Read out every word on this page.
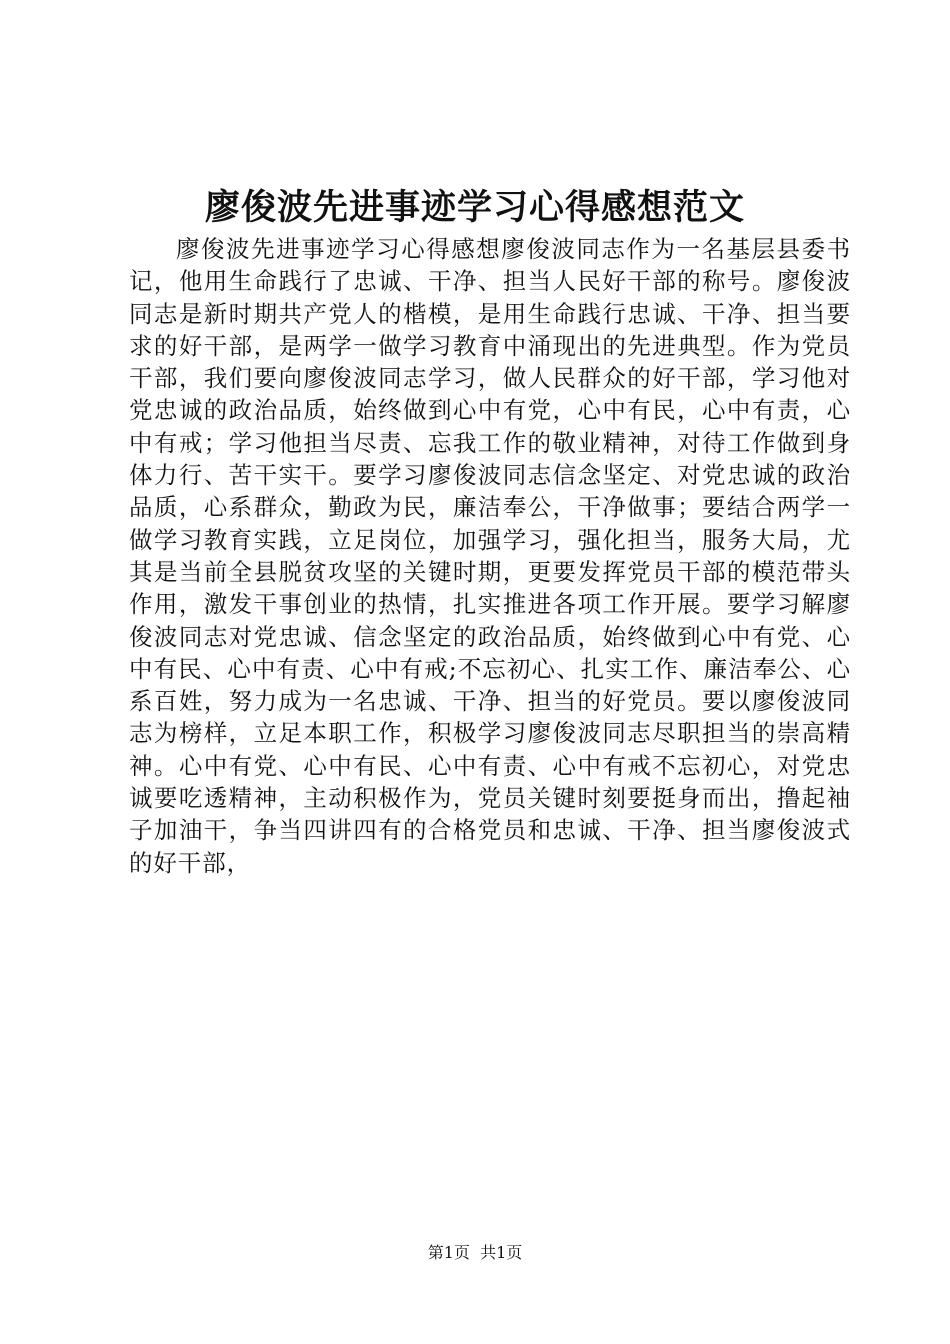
廖俊波先进事迹学习心得感想范文

廖俊波先进事迹学习心得感想廖俊波同志作为一名基层县委书记，他用生命践行了忠诚、干净、担当人民好干部的称号。廖俊波同志是新时期共产党人的楷模，是用生命践行忠诚、干净、担当要求的好干部，是两学一做学习教育中涌现出的先进典型。作为党员干部，我们要向廖俊波同志学习，做人民群众的好干部，学习他对党忠诚的政治品质，始终做到心中有党，心中有民，心中有责，心中有戒；学习他担当尽责、忘我工作的敬业精神，对待工作做到身体力行、苦干实干。要学习廖俊波同志信念坚定、对党忠诚的政治品质，心系群众，勤政为民，廉洁奉公，干净做事；要结合两学一做学习教育实践，立足岗位，加强学习，强化担当，服务大局，尤其是当前全县脱贫攻坚的关键时期，更要发挥党员干部的模范带头作用，激发干事创业的热情，扎实推进各项工作开展。要学习解廖俊波同志对党忠诚、信念坚定的政治品质，始终做到心中有党、心中有民、心中有责、心中有戒;不忘初心、扎实工作、廉洁奉公、心系百姓，努力成为一名忠诚、干净、担当的好党员。要以廖俊波同志为榜样，立足本职工作，积极学习廖俊波同志尽职担当的崇高精神。心中有党、心中有民、心中有责、心中有戒不忘初心，对党忠诚要吃透精神，主动积极作为，党员关键时刻要挺身而出，撸起袖子加油干，争当四讲四有的合格党员和忠诚、干净、担当廖俊波式的好干部，

第1页 共1页
